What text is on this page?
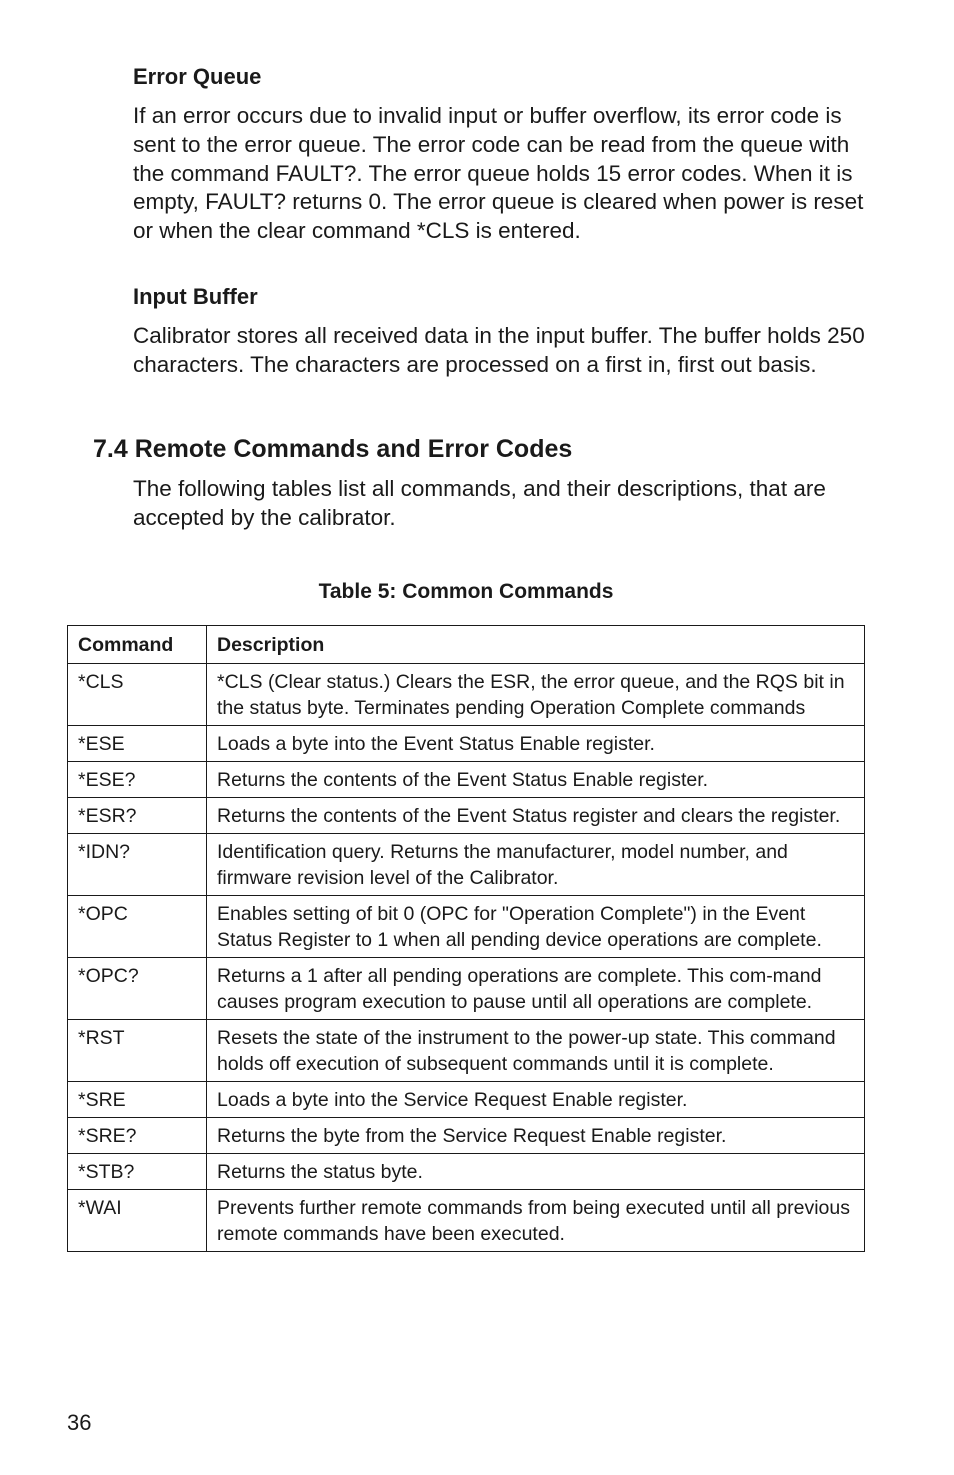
Error Queue

If an error occurs due to invalid input or buffer overflow, its error code is sent to the error queue. The error code can be read from the queue with the command FAULT?. The error queue holds 15 error codes. When it is empty, FAULT? returns 0. The error queue is cleared when power is reset or when the clear command *CLS is entered.

Input Buffer

Calibrator stores all received data in the input buffer. The buffer holds 250 characters. The characters are processed on a first in, first out basis.

7.4 Remote Commands and Error Codes

The following tables list all commands, and their descriptions, that are accepted by the calibrator.

Table 5: Common Commands
Command	Description
*CLS	*CLS (Clear status.) Clears the ESR, the error queue, and the RQS bit in the status byte. Terminates pending Operation Complete commands
*ESE	Loads a byte into the Event Status Enable register.
*ESE?	Returns the contents of the Event Status Enable register.
*ESR?	Returns the contents of the Event Status register and clears the register.
*IDN?	Identification query. Returns the manufacturer, model number, and firmware revision level of the Calibrator.
*OPC	Enables setting of bit 0 (OPC for "Operation Complete") in the Event Status Register to 1 when all pending device operations are complete.
*OPC?	Returns a 1 after all pending operations are complete. This com-mand causes program execution to pause until all operations are complete.
*RST	Resets the state of the instrument to the power-up state. This command holds off execution of subsequent commands until it is complete.
*SRE	Loads a byte into the Service Request Enable register.
*SRE?	Returns the byte from the Service Request Enable register.
*STB?	Returns the status byte.
*WAI	Prevents further remote commands from being executed until all previous remote commands have been executed.
36
